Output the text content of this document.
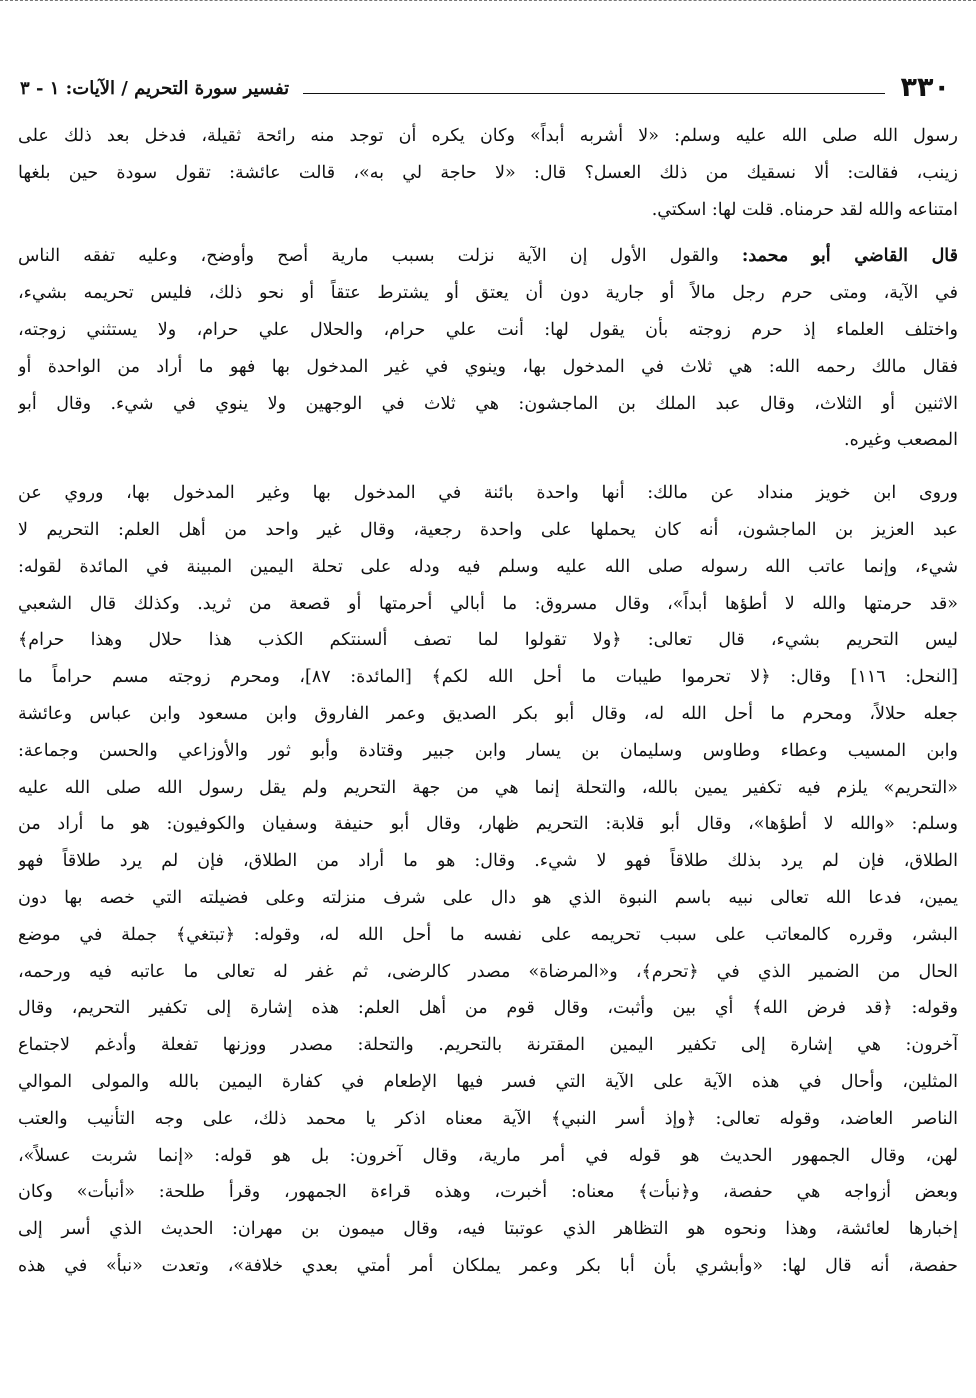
٣٣٠
تفسير سورة التحريم / الآيات: ١ - ٣

رسول الله صلى الله عليه وسلم: «لا أشربه أبداً» وكان يكره أن توجد منه رائحة ثقيلة، فدخل بعد ذلك على
زينب، فقالت: ألا نسقيك من ذلك العسل؟ قال: «لا حاجة لي به»، قالت عائشة: تقول سودة حين بلغها
امتناعه والله لقد حرمناه. قلت لها: اسكتي.

قال القاضي أبو محمد: والقول الأول إن الآية نزلت بسبب مارية أصح وأوضح، وعليه تفقه الناس
في الآية، ومتى حرم رجل مالاً أو جارية دون أن يعتق أو يشترط عتقاً أو نحو ذلك، فليس تحريمه بشيء،
واختلف العلماء إذ حرم زوجته بأن يقول لها: أنت علي حرام، والحلال علي حرام، ولا يستثني زوجته،
فقال مالك رحمه الله: هي ثلاث في المدخول بها، وينوي في غير المدخول بها فهو ما أراد من الواحدة أو
الاثنين أو الثلاث، وقال عبد الملك بن الماجشون: هي ثلاث في الوجهين ولا ينوي في شيء. وقال أبو
المصعب وغيره.

وروى ابن خويز منداد عن مالك: أنها واحدة بائنة في المدخول بها وغير المدخول بها، وروي عن
عبد العزيز بن الماجشون، أنه كان يحملها على واحدة رجعية، وقال غير واحد من أهل العلم: التحريم لا
شيء، وإنما عاتب الله رسوله صلى الله عليه وسلم فيه ودله على تحلة اليمين المبينة في المائدة لقوله:
«قد حرمتها والله لا أطؤها أبداً»، وقال مسروق: ما أبالي أحرمتها أو قصعة من ثريد. وكذلك قال الشعبي
ليس التحريم بشيء، قال تعالى: ﴿ولا تقولوا لما تصف ألسنتكم الكذب هذا حلال وهذا حرام﴾
[النحل: ١١٦] وقال: ﴿لا تحرموا طيبات ما أحل الله لكم﴾ [المائدة: ٨٧]، ومحرم زوجته مسم حراماً ما
جعله حلالاً، ومحرم ما أحل الله له، وقال أبو بكر الصديق وعمر الفاروق وابن مسعود وابن عباس وعائشة
وابن المسيب وعطاء وطاوس وسليمان بن يسار وابن جبير وقتادة وأبو ثور والأوزاعي والحسن وجماعة:
«التحريم» يلزم فيه تكفير يمين بالله، والتحلة إنما هي من جهة التحريم ولم يقل رسول الله صلى الله عليه
وسلم: «والله لا أطؤها»، وقال أبو قلابة: التحريم ظهار، وقال أبو حنيفة وسفيان والكوفيون: هو ما أراد من
الطلاق، فإن لم يرد بذلك طلاقاً فهو لا شيء. وقال: هو ما أراد من الطلاق، فإن لم يرد طلاقاً فهو
يمين، فدعا الله تعالى نبيه باسم النبوة الذي هو دال على شرف منزلته وعلى فضيلته التي خصه بها دون
البشر، وقرره كالمعاتب على سبب تحريمه على نفسه ما أحل الله له، وقوله: ﴿تبتغي﴾ جملة في موضع
الحال من الضمير الذي في ﴿تحرم﴾، و«المرضاة» مصدر كالرضى، ثم غفر له تعالى ما عاتبه فيه ورحمه،
وقوله: ﴿قد فرض الله﴾ أي بين وأثبت، وقال قوم من أهل العلم: هذه إشارة إلى تكفير التحريم، وقال
آخرون: هي إشارة إلى تكفير اليمين المقترنة بالتحريم. والتحلة: مصدر ووزنها تفعلة وأدغم لاجتماع
المثلين، وأحال في هذه الآية على الآية التي فسر فيها الإطعام في كفارة اليمين بالله والمولى الموالي
الناصر العاضد، وقوله تعالى: ﴿وإذ أسر النبي﴾ الآية معناه اذكر يا محمد ذلك، على وجه التأنيب والعتب
لهن، وقال الجمهور الحديث هو قوله في أمر مارية، وقال آخرون: بل هو قوله: «إنما شربت عسلاً»،
وبعض أزواجه هي حفصة، و﴿نبأت﴾ معناه: أخبرت، وهذه قراءة الجمهور، وقرأ طلحة: «أنبأت» وكان
إخبارها لعائشة، وهذا ونحوه هو التظاهر الذي عوتبتا فيه، وقال ميمون بن مهران: الحديث الذي أسر إلى
حفصة، أنه قال لها: «وأبشري بأن أبا بكر وعمر يملكان أمر أمتي بعدي خلافة»، وتعدت «نبأ» في هذه
